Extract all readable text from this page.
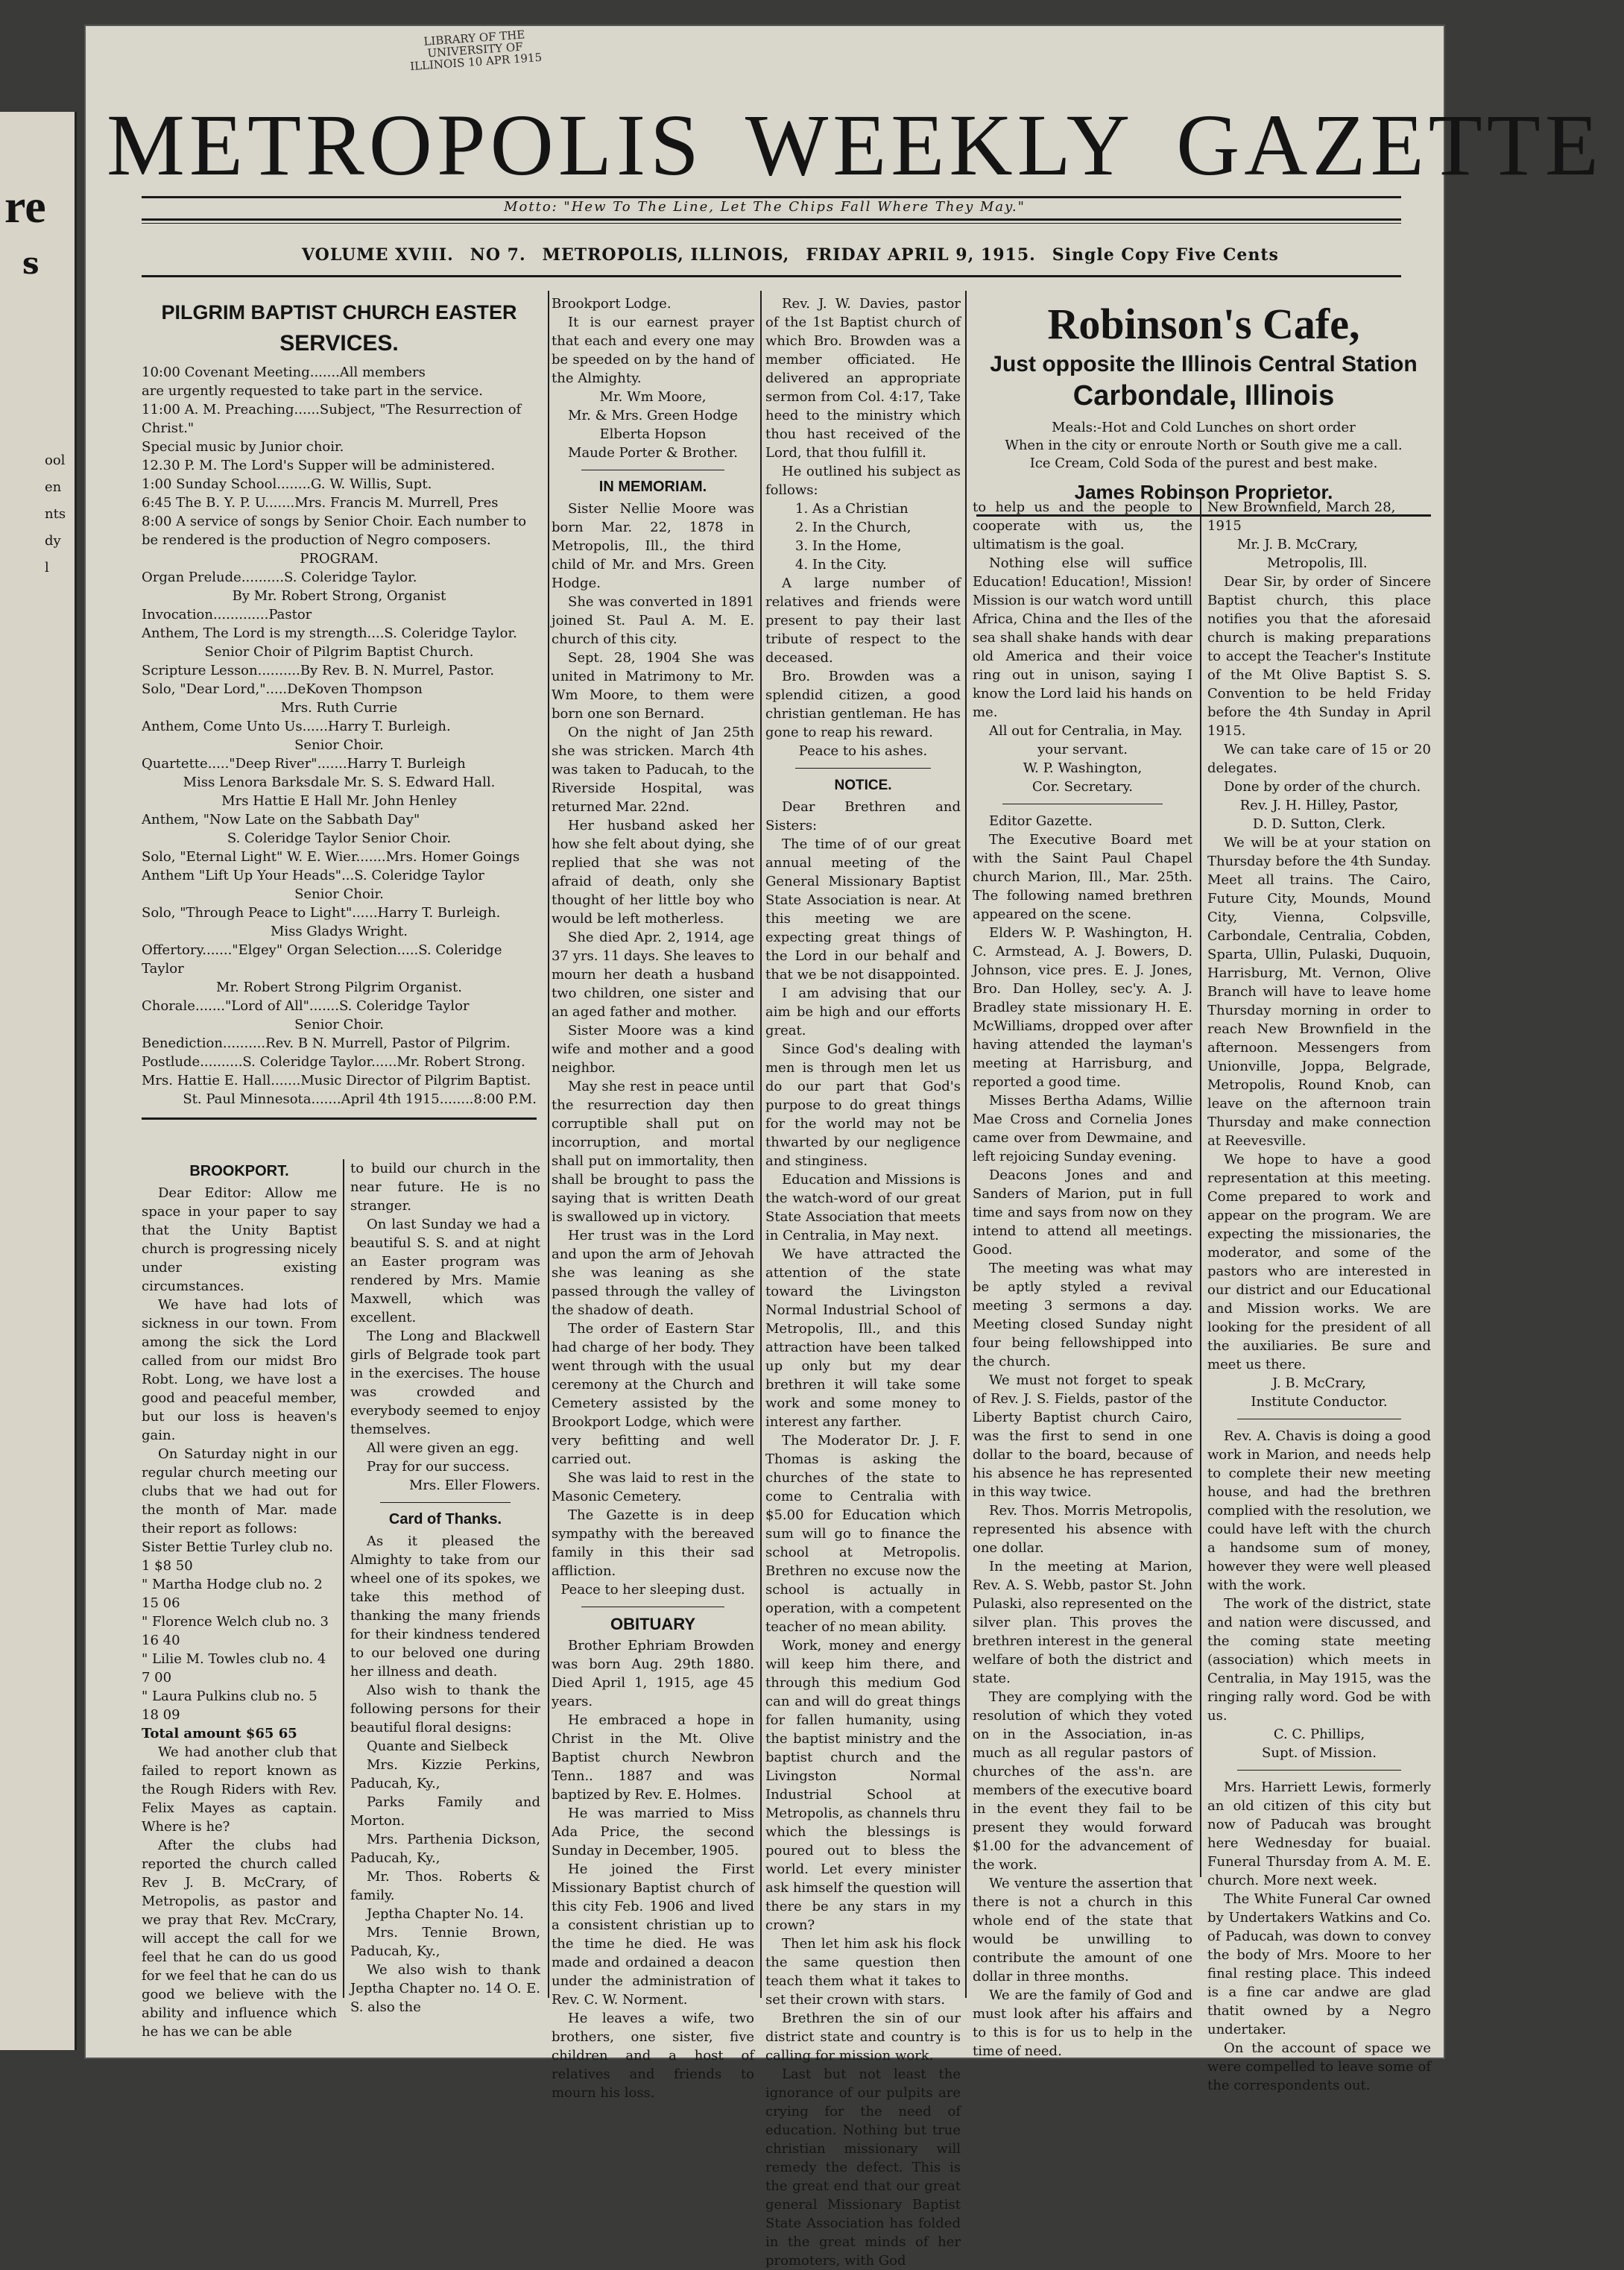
re
s
ool
en
nts
dy
l
LIBRARY OF THE UNIVERSITY OF ILLINOIS 10 APR 1915
METROPOLIS WEEKLY GAZETTE
Motto: "Hew To The Line, Let The Chips Fall Where They May."
VOLUME XVIII. NO 7. METROPOLIS, ILLINOIS, FRIDAY APRIL 9, 1915. Single Copy Five Cents
PILGRIM BAPTIST CHURCH EASTER
SERVICES.

10:00 Covenant Meeting.......All members

are urgently requested to take part in the service.

11:00 A. M. Preaching......Subject, "The Resurrection of Christ."

Special music by Junior choir.

12.30 P. M. The Lord's Supper will be administered.

1:00 Sunday School........G. W. Willis, Supt.

6:45 The B. Y. P. U.......Mrs. Francis M. Murrell, Pres

8:00 A service of songs by Senior Choir. Each number to be rendered is the production of Negro composers.

PROGRAM.

Organ Prelude..........S. Coleridge Taylor.

By Mr. Robert Strong, Organist

Invocation.............Pastor

Anthem, The Lord is my strength....S. Coleridge Taylor.

Senior Choir of Pilgrim Baptist Church.

Scripture Lesson..........By Rev. B. N. Murrel, Pastor.

Solo, "Dear Lord,".....DeKoven Thompson

Mrs. Ruth Currie

Anthem, Come Unto Us......Harry T. Burleigh.

Senior Choir.

Quartette....."Deep River".......Harry T. Burleigh

Miss Lenora Barksdale Mr. S. S. Edward Hall.

Mrs Hattie E Hall Mr. John Henley

Anthem, "Now Late on the Sabbath Day"

S. Coleridge Taylor Senior Choir.

Solo, "Eternal Light" W. E. Wier.......Mrs. Homer Goings

Anthem "Lift Up Your Heads"...S. Coleridge Taylor

Senior Choir.

Solo, "Through Peace to Light"......Harry T. Burleigh.

Miss Gladys Wright.

Offertory......."Elgey" Organ Selection.....S. Coleridge Taylor

Mr. Robert Strong Pilgrim Organist.

Chorale......."Lord of All".......S. Coleridge Taylor

Senior Choir.

Benediction..........Rev. B N. Murrell, Pastor of Pilgrim.

Postlude..........S. Coleridge Taylor......Mr. Robert Strong.

Mrs. Hattie E. Hall.......Music Director of Pilgrim Baptist.

St. Paul Minnesota.......April 4th 1915........8:00 P.M.

BROOKPORT.

Dear Editor: Allow me space in your paper to say that the Unity Baptist church is progressing nicely under existing circumstances.

We have had lots of sickness in our town. From among the sick the Lord called from our midst Bro Robt. Long, we have lost a good and peaceful member, but our loss is heaven's gain.

On Saturday night in our regular church meeting our clubs that we had out for the month of Mar. made their report as follows:

Sister Bettie Turley club no. 1 $8 50

" Martha Hodge club no. 2 15 06

" Florence Welch club no. 3 16 40

" Lilie M. Towles club no. 4 7 00

" Laura Pulkins club no. 5 18 09

Total amount $65 65

We had another club that failed to report known as the Rough Riders with Rev. Felix Mayes as captain. Where is he?

After the clubs had reported the church called Rev J. B. McCrary, of Metropolis, as pastor and we pray that Rev. McCrary, will accept the call for we feel that he can do us good for we feel that he can do us good we believe with the ability and influence which he has we can be able

to build our church in the near future. He is no stranger.

On last Sunday we had a beautiful S. S. and at night an Easter program was rendered by Mrs. Mamie Maxwell, which was excellent.

The Long and Blackwell girls of Belgrade took part in the exercises. The house was crowded and everybody seemed to enjoy themselves.

All were given an egg.

Pray for our success.

Mrs. Eller Flowers.

Card of Thanks.

As it pleased the Almighty to take from our wheel one of its spokes, we take this method of thanking the many friends for their kindness tendered to our beloved one during her illness and death.

Also wish to thank the following persons for their beautiful floral designs:

Quante and Sielbeck

Mrs. Kizzie Perkins, Paducah, Ky.,

Parks Family and Morton.

Mrs. Parthenia Dickson, Paducah, Ky.,

Mr. Thos. Roberts & family.

Jeptha Chapter No. 14.

Mrs. Tennie Brown, Paducah, Ky.,

We also wish to thank Jeptha Chapter no. 14 O. E. S. also the

Brookport Lodge.

It is our earnest prayer that each and every one may be speeded on by the hand of the Almighty.

Mr. Wm Moore,

Mr. & Mrs. Green Hodge

Elberta Hopson

Maude Porter & Brother.

IN MEMORIAM.

Sister Nellie Moore was born Mar. 22, 1878 in Metropolis, Ill., the third child of Mr. and Mrs. Green Hodge.

She was converted in 1891 joined St. Paul A. M. E. church of this city.

Sept. 28, 1904 She was united in Matrimony to Mr. Wm Moore, to them were born one son Bernard.

On the night of Jan 25th she was stricken. March 4th was taken to Paducah, to the Riverside Hospital, was returned Mar. 22nd.

Her husband asked her how she felt about dying, she replied that she was not afraid of death, only she thought of her little boy who would be left motherless.

She died Apr. 2, 1914, age 37 yrs. 11 days. She leaves to mourn her death a husband two children, one sister and an aged father and mother.

Sister Moore was a kind wife and mother and a good neighbor.

May she rest in peace until the resurrection day then corruptible shall put on incorruption, and mortal shall put on immortality, then shall be brought to pass the saying that is written Death is swallowed up in victory.

Her trust was in the Lord and upon the arm of Jehovah she was leaning as she passed through the valley of the shadow of death.

The order of Eastern Star had charge of her body. They went through with the usual ceremony at the Church and Cemetery assisted by the Brookport Lodge, which were very befitting and well carried out.

She was laid to rest in the Masonic Cemetery.

The Gazette is in deep sympathy with the bereaved family in this their sad affliction.

Peace to her sleeping dust.

OBITUARY

Brother Ephriam Browden was born Aug. 29th 1880. Died April 1, 1915, age 45 years.

He embraced a hope in Christ in the Mt. Olive Baptist church Newbron Tenn.. 1887 and was baptized by Rev. E. Holmes.

He was married to Miss Ada Price, the second Sunday in December, 1905.

He joined the First Missionary Baptist church of this city Feb. 1906 and lived a consistent christian up to the time he died. He was made and ordained a deacon under the administration of Rev. C. W. Norment.

He leaves a wife, two brothers, one sister, five children and a host of relatives and friends to mourn his loss.

Rev. J. W. Davies, pastor of the 1st Baptist church of which Bro. Browden was a member officiated. He delivered an appropriate sermon from Col. 4:17, Take heed to the ministry which thou hast received of the Lord, that thou fulfill it.

He outlined his subject as follows:

1. As a Christian

2. In the Church,

3. In the Home,

4. In the City.

A large number of relatives and friends were present to pay their last tribute of respect to the deceased.

Bro. Browden was a splendid citizen, a good christian gentleman. He has gone to reap his reward.

Peace to his ashes.

NOTICE.

Dear Brethren and Sisters:

The time of of our great annual meeting of the General Missionary Baptist State Association is near. At this meeting we are expecting great things of the Lord in our behalf and that we be not disappointed.

I am advising that our aim be high and our efforts great.

Since God's dealing with men is through men let us do our part that God's purpose to do great things for the world may not be thwarted by our negligence and stinginess.

Education and Missions is the watch-word of our great State Association that meets in Centralia, in May next.

We have attracted the attention of the state toward the Livingston Normal Industrial School of Metropolis, Ill., and this attraction have been talked up only but my dear brethren it will take some work and some money to interest any farther.

The Moderator Dr. J. F. Thomas is asking the churches of the state to come to Centralia with $5.00 for Education which sum will go to finance the school at Metropolis. Brethren no excuse now the school is actually in operation, with a competent teacher of no mean ability.

Work, money and energy will keep him there, and through this medium God can and will do great things for fallen humanity, using the baptist ministry and the baptist church and the Livingston Normal Industrial School at Metropolis, as channels thru which the blessings is poured out to bless the world. Let every minister ask himself the question will there be any stars in my crown?

Then let him ask his flock the same question then teach them what it takes to set their crown with stars.

Brethren the sin of our district state and country is calling for mission work.

Last but not least the ignorance of our pulpits are crying for the need of education. Nothing but true christian missionary will remedy the defect. This is the great end that our great general Missionary Baptist State Association has folded in the great minds of her promoters, with God

Robinson's Cafe,
Just opposite the Illinois Central Station
Carbondale, Illinois
Meals:-Hot and Cold Lunches on short order
When in the city or enroute North or South give me a call.
Ice Cream, Cold Soda of the purest and best make.
James Robinson Proprietor.

to help us and the people to cooperate with us, the ultimatism is the goal.

Nothing else will suffice Education! Education!, Mission! Mission is our watch word untill Africa, China and the Iles of the sea shall shake hands with dear old America and their voice ring out in unison, saying I know the Lord laid his hands on me.

All out for Centralia, in May.

your servant.

W. P. Washington,

Cor. Secretary.

Editor Gazette.

The Executive Board met with the Saint Paul Chapel church Marion, Ill., Mar. 25th. The following named brethren appeared on the scene.

Elders W. P. Washington, H. C. Armstead, A. J. Bowers, D. Johnson, vice pres. E. J. Jones, Bro. Dan Holley, sec'y. A. J. Bradley state missionary H. E. McWilliams, dropped over after having attended the layman's meeting at Harrisburg, and reported a good time.

Misses Bertha Adams, Willie Mae Cross and Cornelia Jones came over from Dewmaine, and left rejoicing Sunday evening.

Deacons Jones and and Sanders of Marion, put in full time and says from now on they intend to attend all meetings. Good.

The meeting was what may be aptly styled a revival meeting 3 sermons a day. Meeting closed Sunday night four being fellowshipped into the church.

We must not forget to speak of Rev. J. S. Fields, pastor of the Liberty Baptist church Cairo, was the first to send in one dollar to the board, because of his absence he has represented in this way twice.

Rev. Thos. Morris Metropolis, represented his absence with one dollar.

In the meeting at Marion, Rev. A. S. Webb, pastor St. John Pulaski, also represented on the silver plan. This proves the brethren interest in the general welfare of both the district and state.

They are complying with the resolution of which they voted on in the Association, in-as much as all regular pastors of churches of the ass'n. are members of the executive board in the event they fail to be present they would forward $1.00 for the advancement of the work.

We venture the assertion that there is not a church in this whole end of the state that would be unwilling to contribute the amount of one dollar in three months.

We are the family of God and must look after his affairs and to this is for us to help in the time of need.

New Brownfield, March 28, 1915

Mr. J. B. McCrary,

Metropolis, Ill.

Dear Sir, by order of Sincere Baptist church, this place notifies you that the aforesaid church is making preparations to accept the Teacher's Institute of the Mt Olive Baptist S. S. Convention to be held Friday before the 4th Sunday in April 1915.

We can take care of 15 or 20 delegates.

Done by order of the church.

Rev. J. H. Hilley, Pastor,

D. D. Sutton, Clerk.

We will be at your station on Thursday before the 4th Sunday. Meet all trains. The Cairo, Future City, Mounds, Mound City, Vienna, Colpsville, Carbondale, Centralia, Cobden, Sparta, Ullin, Pulaski, Duquoin, Harrisburg, Mt. Vernon, Olive Branch will have to leave home Thursday morning in order to reach New Brownfield in the afternoon. Messengers from Unionville, Joppa, Belgrade, Metropolis, Round Knob, can leave on the afternoon train Thursday and make connection at Reevesville.

We hope to have a good representation at this meeting. Come prepared to work and appear on the program. We are expecting the missionaries, the moderator, and some of the pastors who are interested in our district and our Educational and Mission works. We are looking for the president of all the auxiliaries. Be sure and meet us there.

J. B. McCrary,

Institute Conductor.

Rev. A. Chavis is doing a good work in Marion, and needs help to complete their new meeting house, and had the brethren complied with the resolution, we could have left with the church a handsome sum of money, however they were well pleased with the work.

The work of the district, state and nation were discussed, and the coming state meeting (association) which meets in Centralia, in May 1915, was the ringing rally word. God be with us.

C. C. Phillips,

Supt. of Mission.

Mrs. Harriett Lewis, formerly an old citizen of this city but now of Paducah was brought here Wednesday for buaial. Funeral Thursday from A. M. E. church. More next week.

The White Funeral Car owned by Undertakers Watkins and Co. of Paducah, was down to convey the body of Mrs. Moore to her final resting place. This indeed is a fine car andwe are glad thatit owned by a Negro undertaker.

On the account of space we were compelled to leave some of the correspondents out.
